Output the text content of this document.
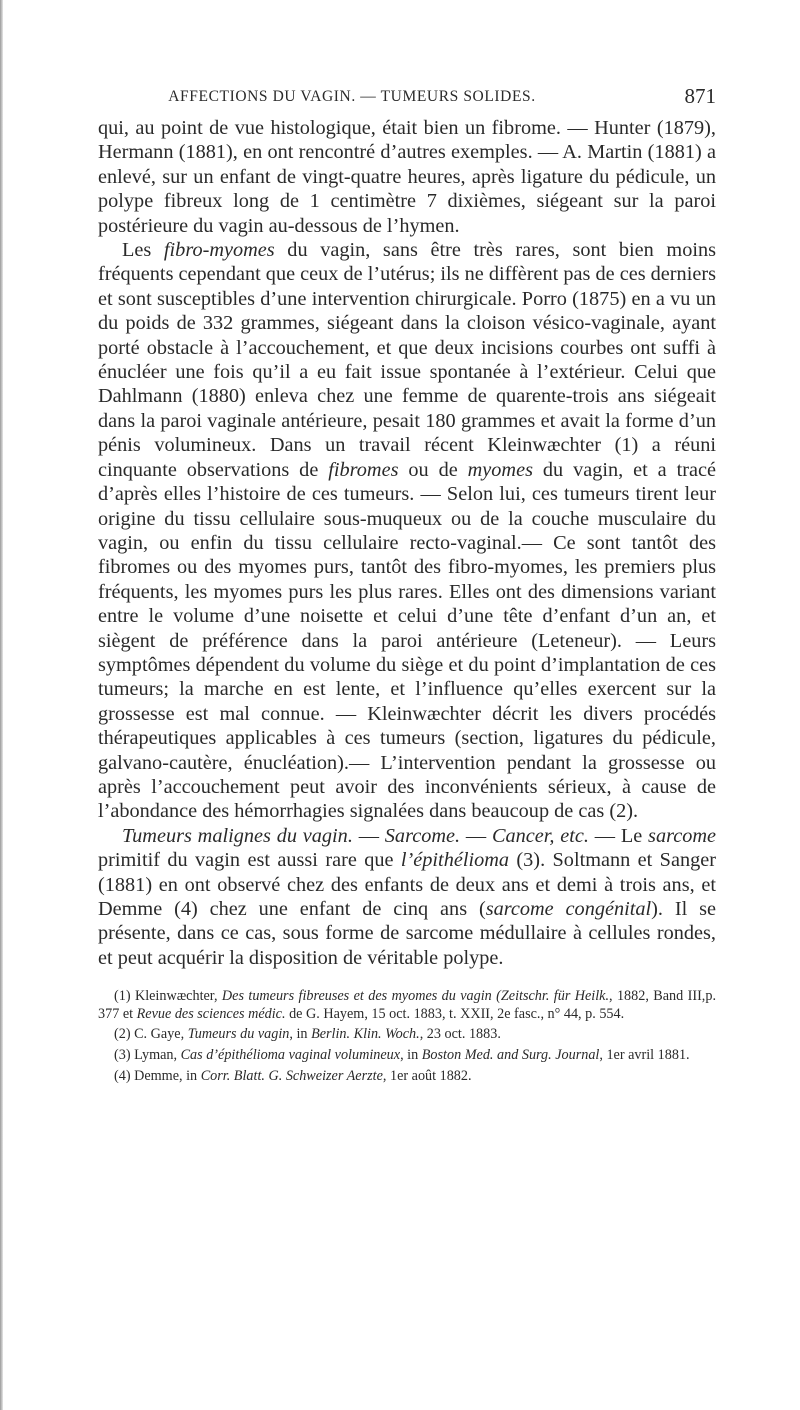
AFFECTIONS DU VAGIN. — TUMEURS SOLIDES.	871

qui, au point de vue histologique, était bien un fibrome. — Hunter (1879), Hermann (1881), en ont rencontré d’autres exemples. — A. Martin (1881) a enlevé, sur un enfant de vingt-quatre heures, après ligature du pédicule, un polype fibreux long de 1 centimètre 7 dixièmes, siégeant sur la paroi postérieure du vagin au-dessous de l’hymen.

Les fibro-myomes du vagin, sans être très rares, sont bien moins fréquents cependant que ceux de l’utérus; ils ne diffèrent pas de ces derniers et sont susceptibles d’une intervention chirurgicale. Porro (1875) en a vu un du poids de 332 grammes, siégeant dans la cloison vésico-vaginale, ayant porté obstacle à l’accouchement, et que deux incisions courbes ont suffi à énucléer une fois qu’il a eu fait issue spontanée à l’extérieur. Celui que Dahlmann (1880) enleva chez une femme de quarente-trois ans siégeait dans la paroi vaginale antérieure, pesait 180 grammes et avait la forme d’un pénis volumineux. Dans un travail récent Kleinwæchter (1) a réuni cinquante observations de fibromes ou de myomes du vagin, et a tracé d’après elles l’histoire de ces tumeurs. — Selon lui, ces tumeurs tirent leur origine du tissu cellulaire sous-muqueux ou de la couche musculaire du vagin, ou enfin du tissu cellulaire recto-vaginal.— Ce sont tantôt des fibromes ou des myomes purs, tantôt des fibro-myomes, les premiers plus fréquents, les myomes purs les plus rares. Elles ont des dimensions variant entre le volume d’une noisette et celui d’une tête d’enfant d’un an, et siègent de préférence dans la paroi antérieure (Leteneur). — Leurs symptômes dépendent du volume du siège et du point d’implantation de ces tumeurs; la marche en est lente, et l’influence qu’elles exercent sur la grossesse est mal connue. — Kleinwæchter décrit les divers procédés thérapeutiques applicables à ces tumeurs (section, ligatures du pédicule, galvano-cautère, énucléation).— L’intervention pendant la grossesse ou après l’accouchement peut avoir des inconvénients sérieux, à cause de l’abondance des hémorrhagies signalées dans beaucoup de cas (2).

Tumeurs malignes du vagin. — Sarcome. — Cancer, etc. — Le sarcome primitif du vagin est aussi rare que l’épithélioma (3). Soltmann et Sanger (1881) en ont observé chez des enfants de deux ans et demi à trois ans, et Demme (4) chez une enfant de cinq ans (sarcome congénital). Il se présente, dans ce cas, sous forme de sarcome médullaire à cellules rondes, et peut acquérir la disposition de véritable polype.

(1) Kleinwæchter, Des tumeurs fibreuses et des myomes du vagin (Zeitschr. für Heilk., 1882, Band III,p. 377 et Revue des sciences médic. de G. Hayem, 15 oct. 1883, t. XXII, 2e fasc., n° 44, p. 554.

(2) C. Gaye, Tumeurs du vagin, in Berlin. Klin. Woch., 23 oct. 1883.

(3) Lyman, Cas d’épithélioma vaginal volumineux, in Boston Med. and Surg. Journal, 1er avril 1881.

(4) Demme, in Corr. Blatt. G. Schweizer Aerzte, 1er août 1882.
